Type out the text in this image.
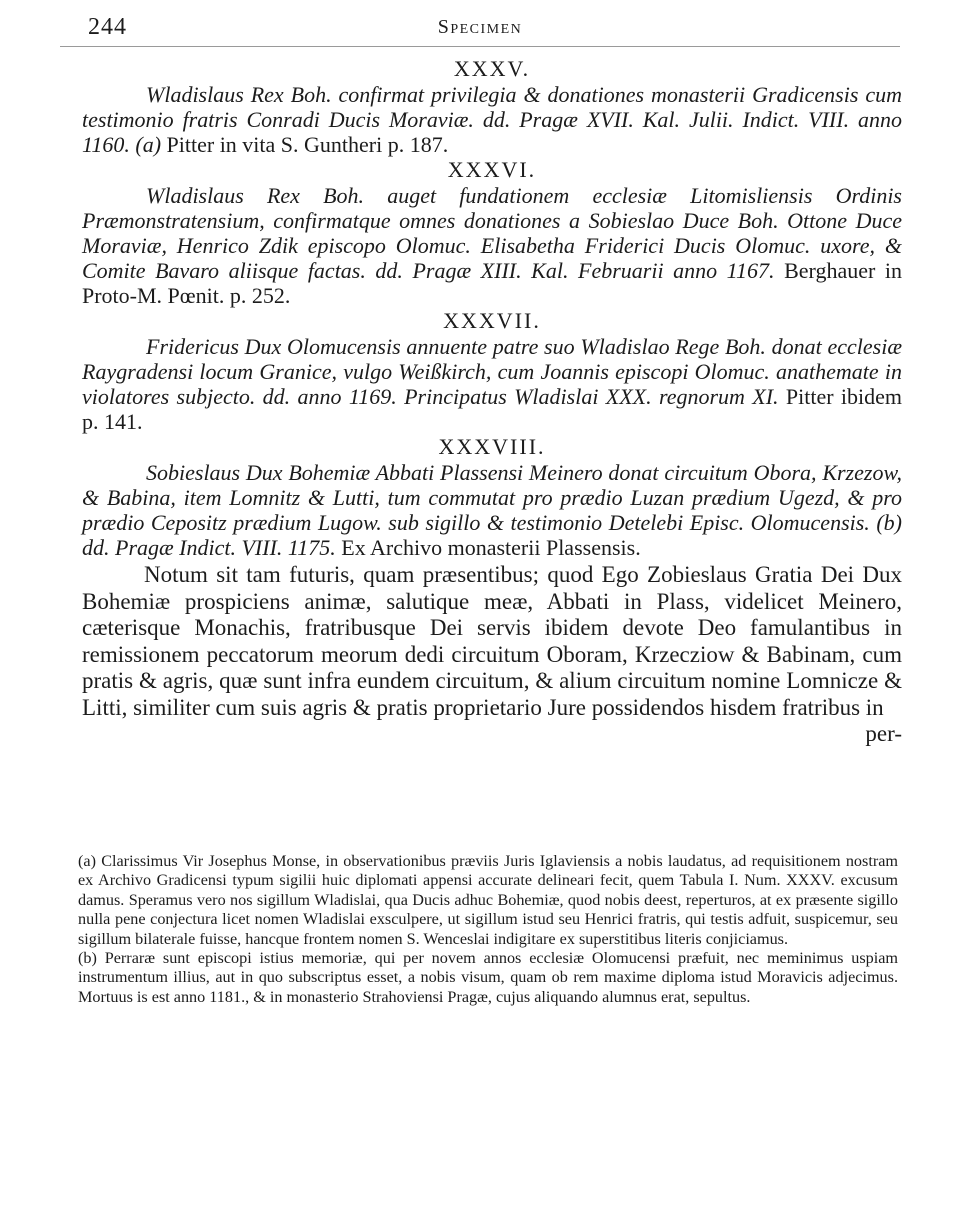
244	Specimen
XXXV.

Wladislaus Rex Boh. confirmat privilegia & donationes monasterii Gradicensis cum testimonio fratris Conradi Ducis Moraviæ. dd. Pragæ XVII. Kal. Julii. Indict. VIII. anno 1160. (a) Pitter in vita S. Guntheri p. 187.

XXXVI.

Wladislaus Rex Boh. auget fundationem ecclesiæ Litomisliensis Ordinis Præmonstratensium, confirmatque omnes donationes a Sobieslao Duce Boh. Ottone Duce Moraviæ, Henrico Zdik episcopo Olomuc. Elisabetha Friderici Ducis Olomuc. uxore, & Comite Bavaro aliisque factas. dd. Pragæ XIII. Kal. Februarii anno 1167. Berghauer in Proto-M. Pœnit. p. 252.

XXXVII.

Fridericus Dux Olomucensis annuente patre suo Wladislao Rege Boh. donat ecclesiæ Raygradensi locum Granice, vulgo Weißkirch, cum Joannis episcopi Olomuc. anathemate in violatores subjecto. dd. anno 1169. Principatus Wladislai XXX. regnorum XI. Pitter ibidem p. 141.

XXXVIII.

Sobieslaus Dux Bohemiæ Abbati Plassensi Meinero donat circuitum Obora, Krzezow, & Babina, item Lomnitz & Lutti, tum commutat pro prædio Luzan prædium Ugezd, & pro prædio Cepositz prædium Lugow. sub sigillo & testimonio Detelebi Episc. Olomucensis. (b) dd. Pragæ Indict. VIII. 1175. Ex Archivo monasterii Plassensis.

Notum sit tam futuris, quam præsentibus; quod Ego Zobieslaus Gratia Dei Dux Bohemiæ prospiciens animæ, salutique meæ, Abbati in Plass, videlicet Meinero, cæterisque Monachis, fratribusque Dei servis ibidem devote Deo famulantibus in remissionem peccatorum meorum dedi circuitum Oboram, Krzecziow & Babinam, cum pratis & agris, quæ sunt infra eundem circuitum, & alium circuitum nomine Lomnicze & Litti, similiter cum suis agris & pratis proprietario Jure possidendos hisdem fratribus in

per-

(a) Clarissimus Vir Josephus Monse, in observationibus præviis Juris Iglaviensis a nobis laudatus, ad requisitionem nostram ex Archivo Gradicensi typum sigilii huic diplomati appensi accurate delineari fecit, quem Tabula I. Num. XXXV. excusum damus. Speramus vero nos sigillum Wladislai, qua Ducis adhuc Bohemiæ, quod nobis deest, reperturos, at ex præsente sigillo nulla pene conjectura licet nomen Wladislai exsculpere, ut sigillum istud seu Henrici fratris, qui testis adfuit, suspicemur, seu sigillum bilaterale fuisse, hancque frontem nomen S. Wenceslai indigitare ex superstitibus literis conjiciamus.

(b) Perraræ sunt episcopi istius memoriæ, qui per novem annos ecclesiæ Olomucensi præfuit, nec meminimus uspiam instrumentum illius, aut in quo subscriptus esset, a nobis visum, quam ob rem maxime diploma istud Moravicis adjecimus. Mortuus is est anno 1181., & in monasterio Strahoviensi Pragæ, cujus aliquando alumnus erat, sepultus.
